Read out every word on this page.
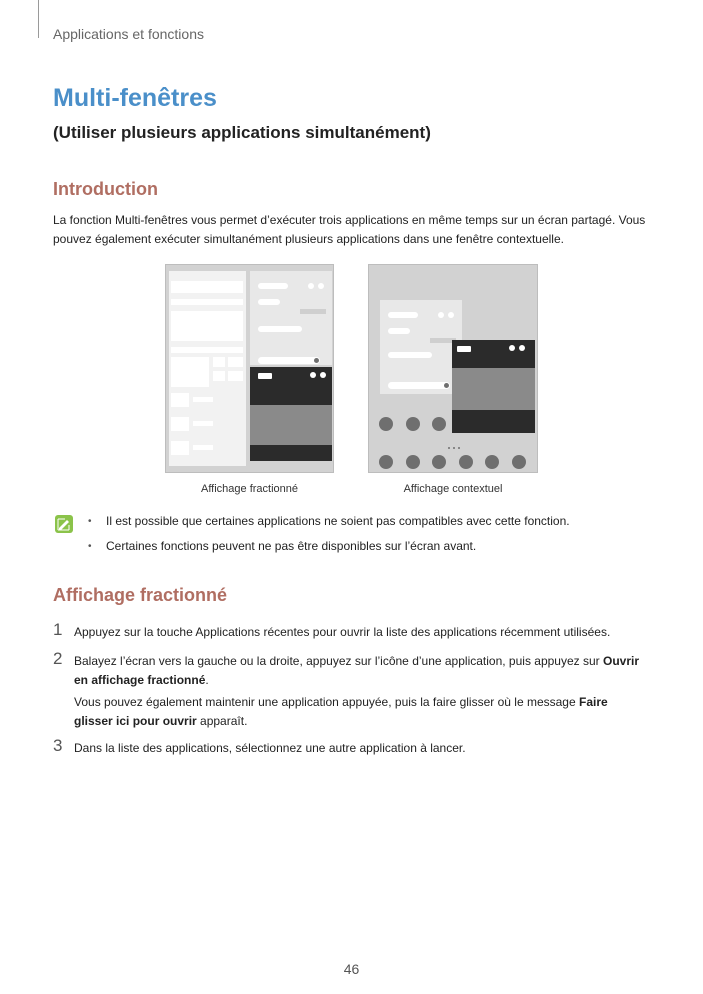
Applications et fonctions
Multi-fenêtres
(Utiliser plusieurs applications simultanément)
Introduction

La fonction Multi-fenêtres vous permet d’exécuter trois applications en même temps sur un écran partagé. Vous pouvez également exécuter simultanément plusieurs applications dans une fenêtre contextuelle.

Affichage fractionné	Affichage contextuel
• Il est possible que certaines applications ne soient pas compatibles avec cette fonction.
• Certaines fonctions peuvent ne pas être disponibles sur l’écran avant.
Affichage fractionné
1 Appuyez sur la touche Applications récentes pour ouvrir la liste des applications récemment utilisées.
2 Balayez l’écran vers la gauche ou la droite, appuyez sur l’icône d’une application, puis appuyez sur Ouvrir en affichage fractionné.
Vous pouvez également maintenir une application appuyée, puis la faire glisser où le message Faire glisser ici pour ouvrir apparaît.
3 Dans la liste des applications, sélectionnez une autre application à lancer.
46
